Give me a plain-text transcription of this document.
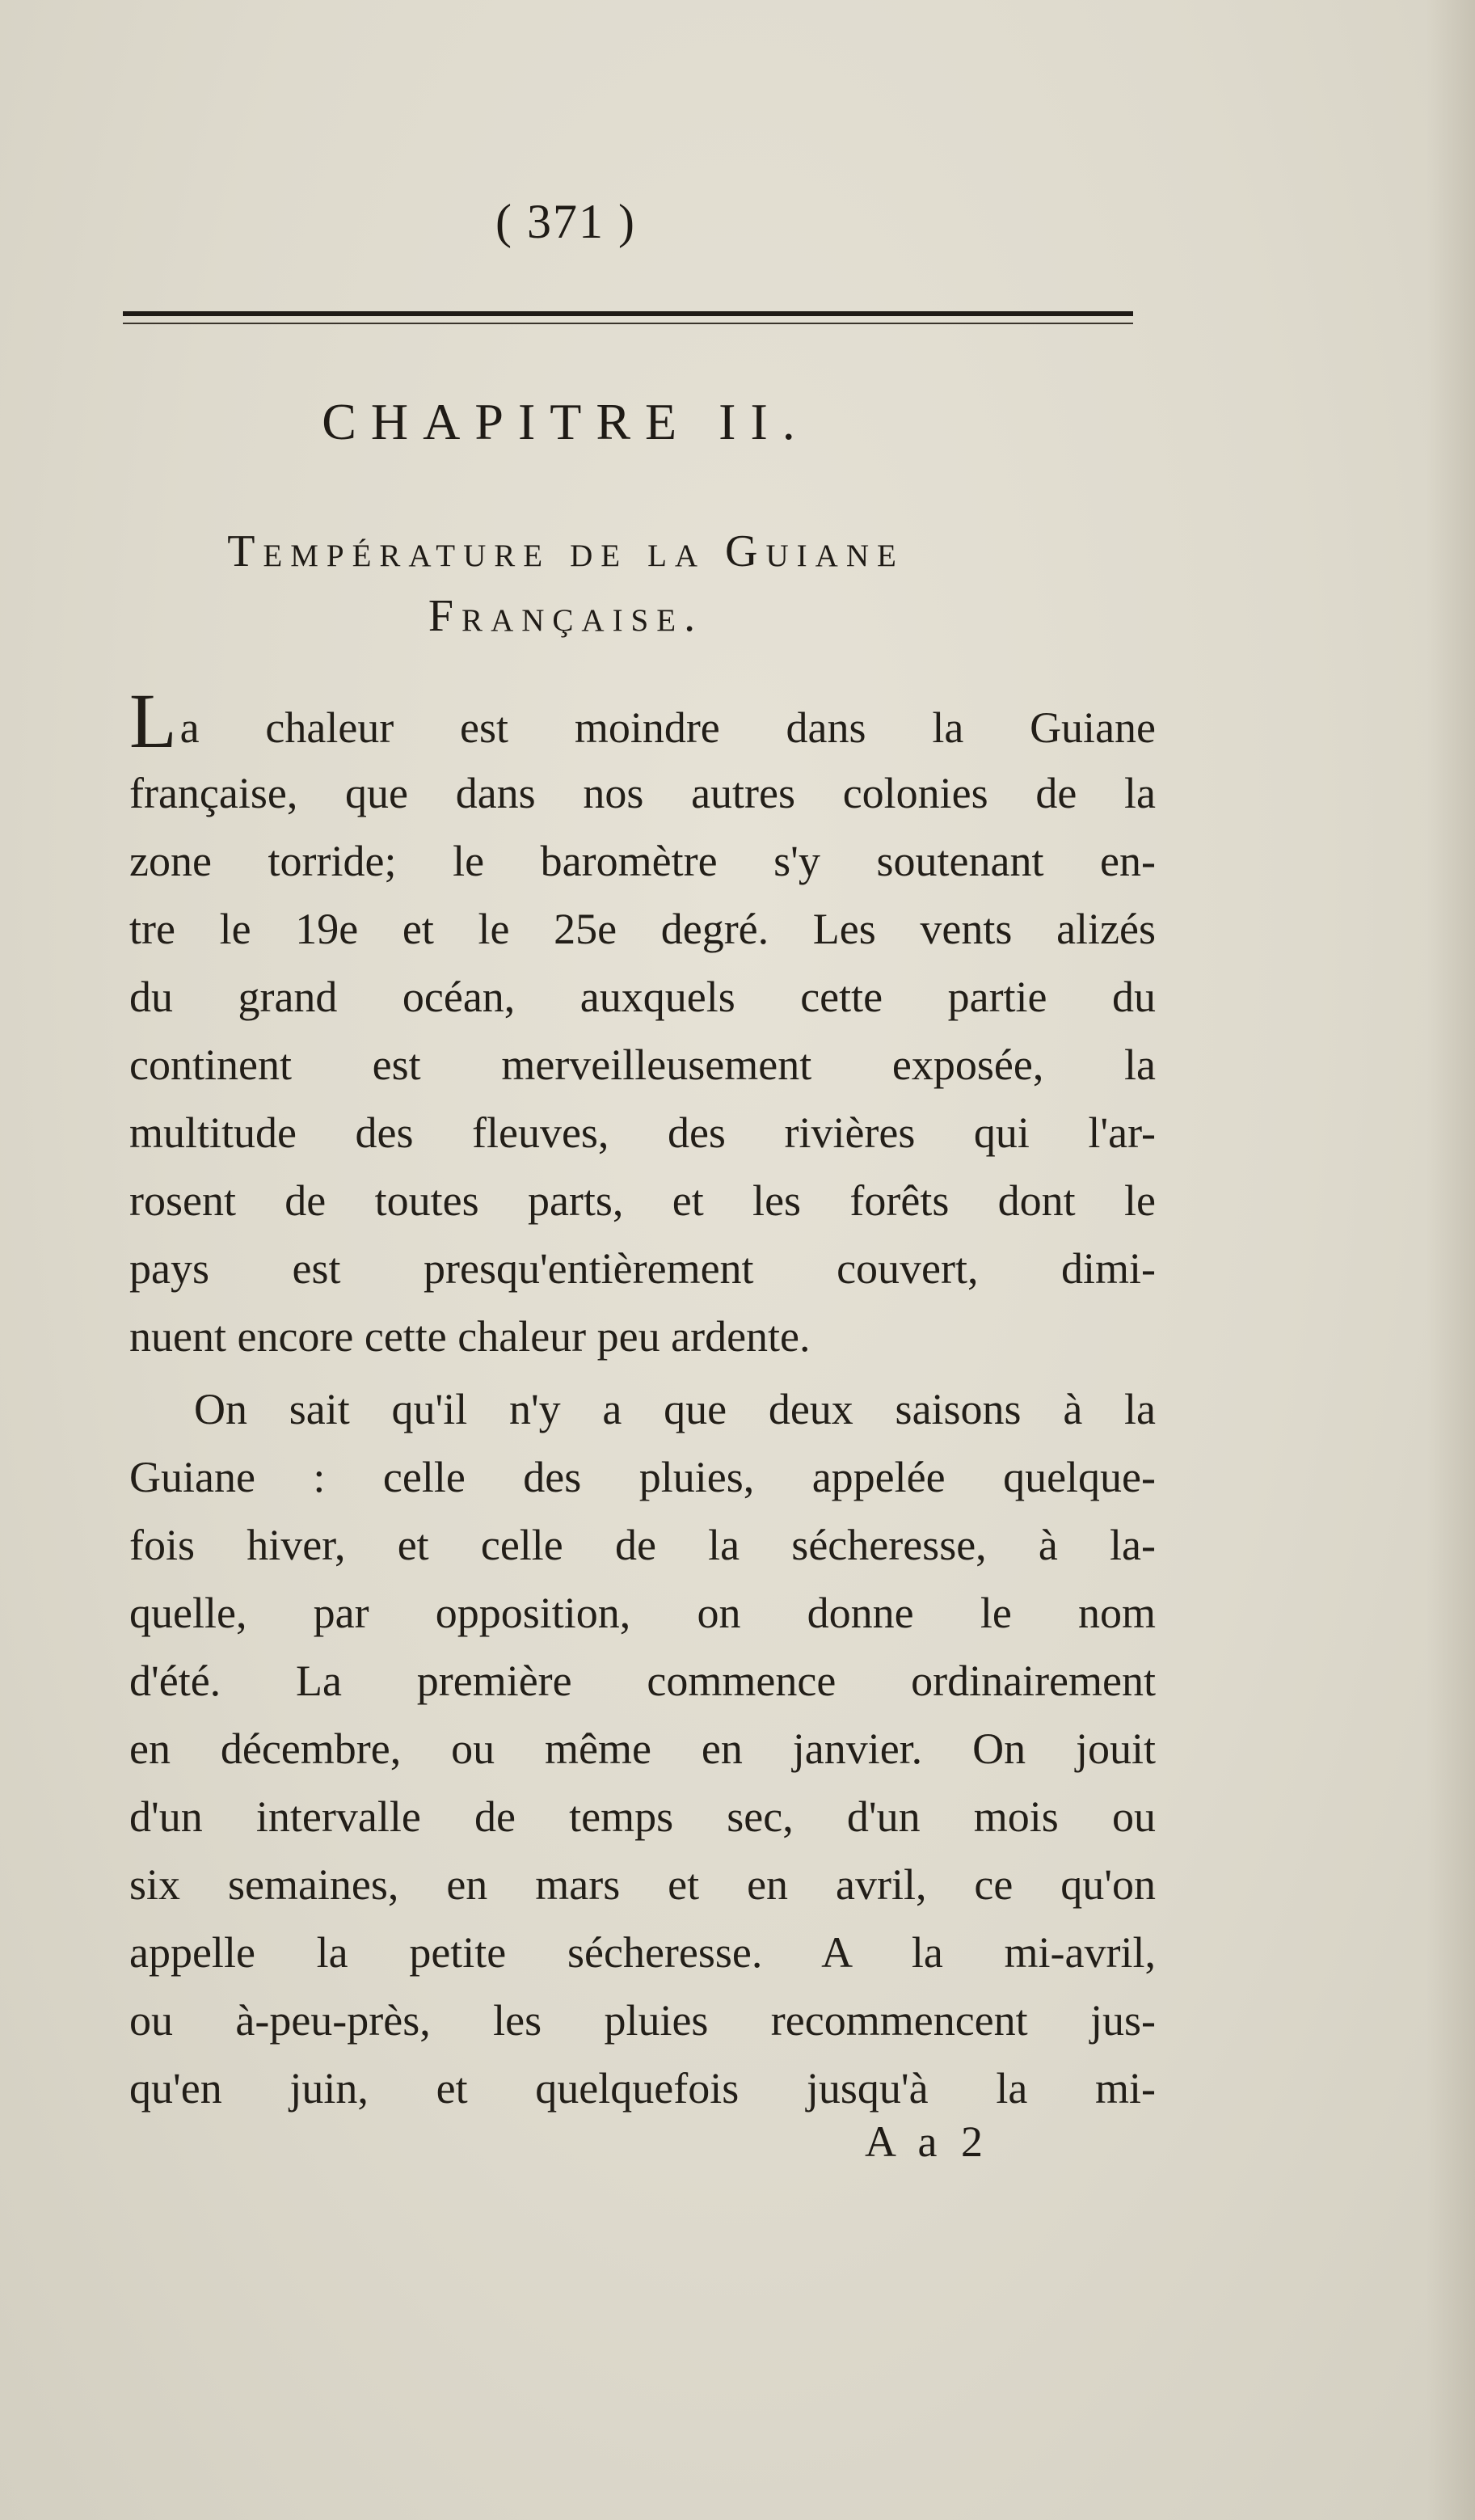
( 371 )
CHAPITRE II.
Température de la Guiane
Française.
La chaleur est moindre dans la Guiane
française, que dans nos autres colonies de la
zone torride; le baromètre s'y soutenant en-
tre le 19e et le 25e degré. Les vents alizés
du grand océan, auxquels cette partie du
continent est merveilleusement exposée, la
multitude des fleuves, des rivières qui l'ar-
rosent de toutes parts, et les forêts dont le
pays est presqu'entièrement couvert, dimi-
nuent encore cette chaleur peu ardente.
On sait qu'il n'y a que deux saisons à la
Guiane : celle des pluies, appelée quelque-
fois hiver, et celle de la sécheresse, à la-
quelle, par opposition, on donne le nom
d'été. La première commence ordinairement
en décembre, ou même en janvier. On jouit
d'un intervalle de temps sec, d'un mois ou
six semaines, en mars et en avril, ce qu'on
appelle la petite sécheresse. A la mi-avril,
ou à-peu-près, les pluies recommencent jus-
qu'en juin, et quelquefois jusqu'à la mi-
A a 2
